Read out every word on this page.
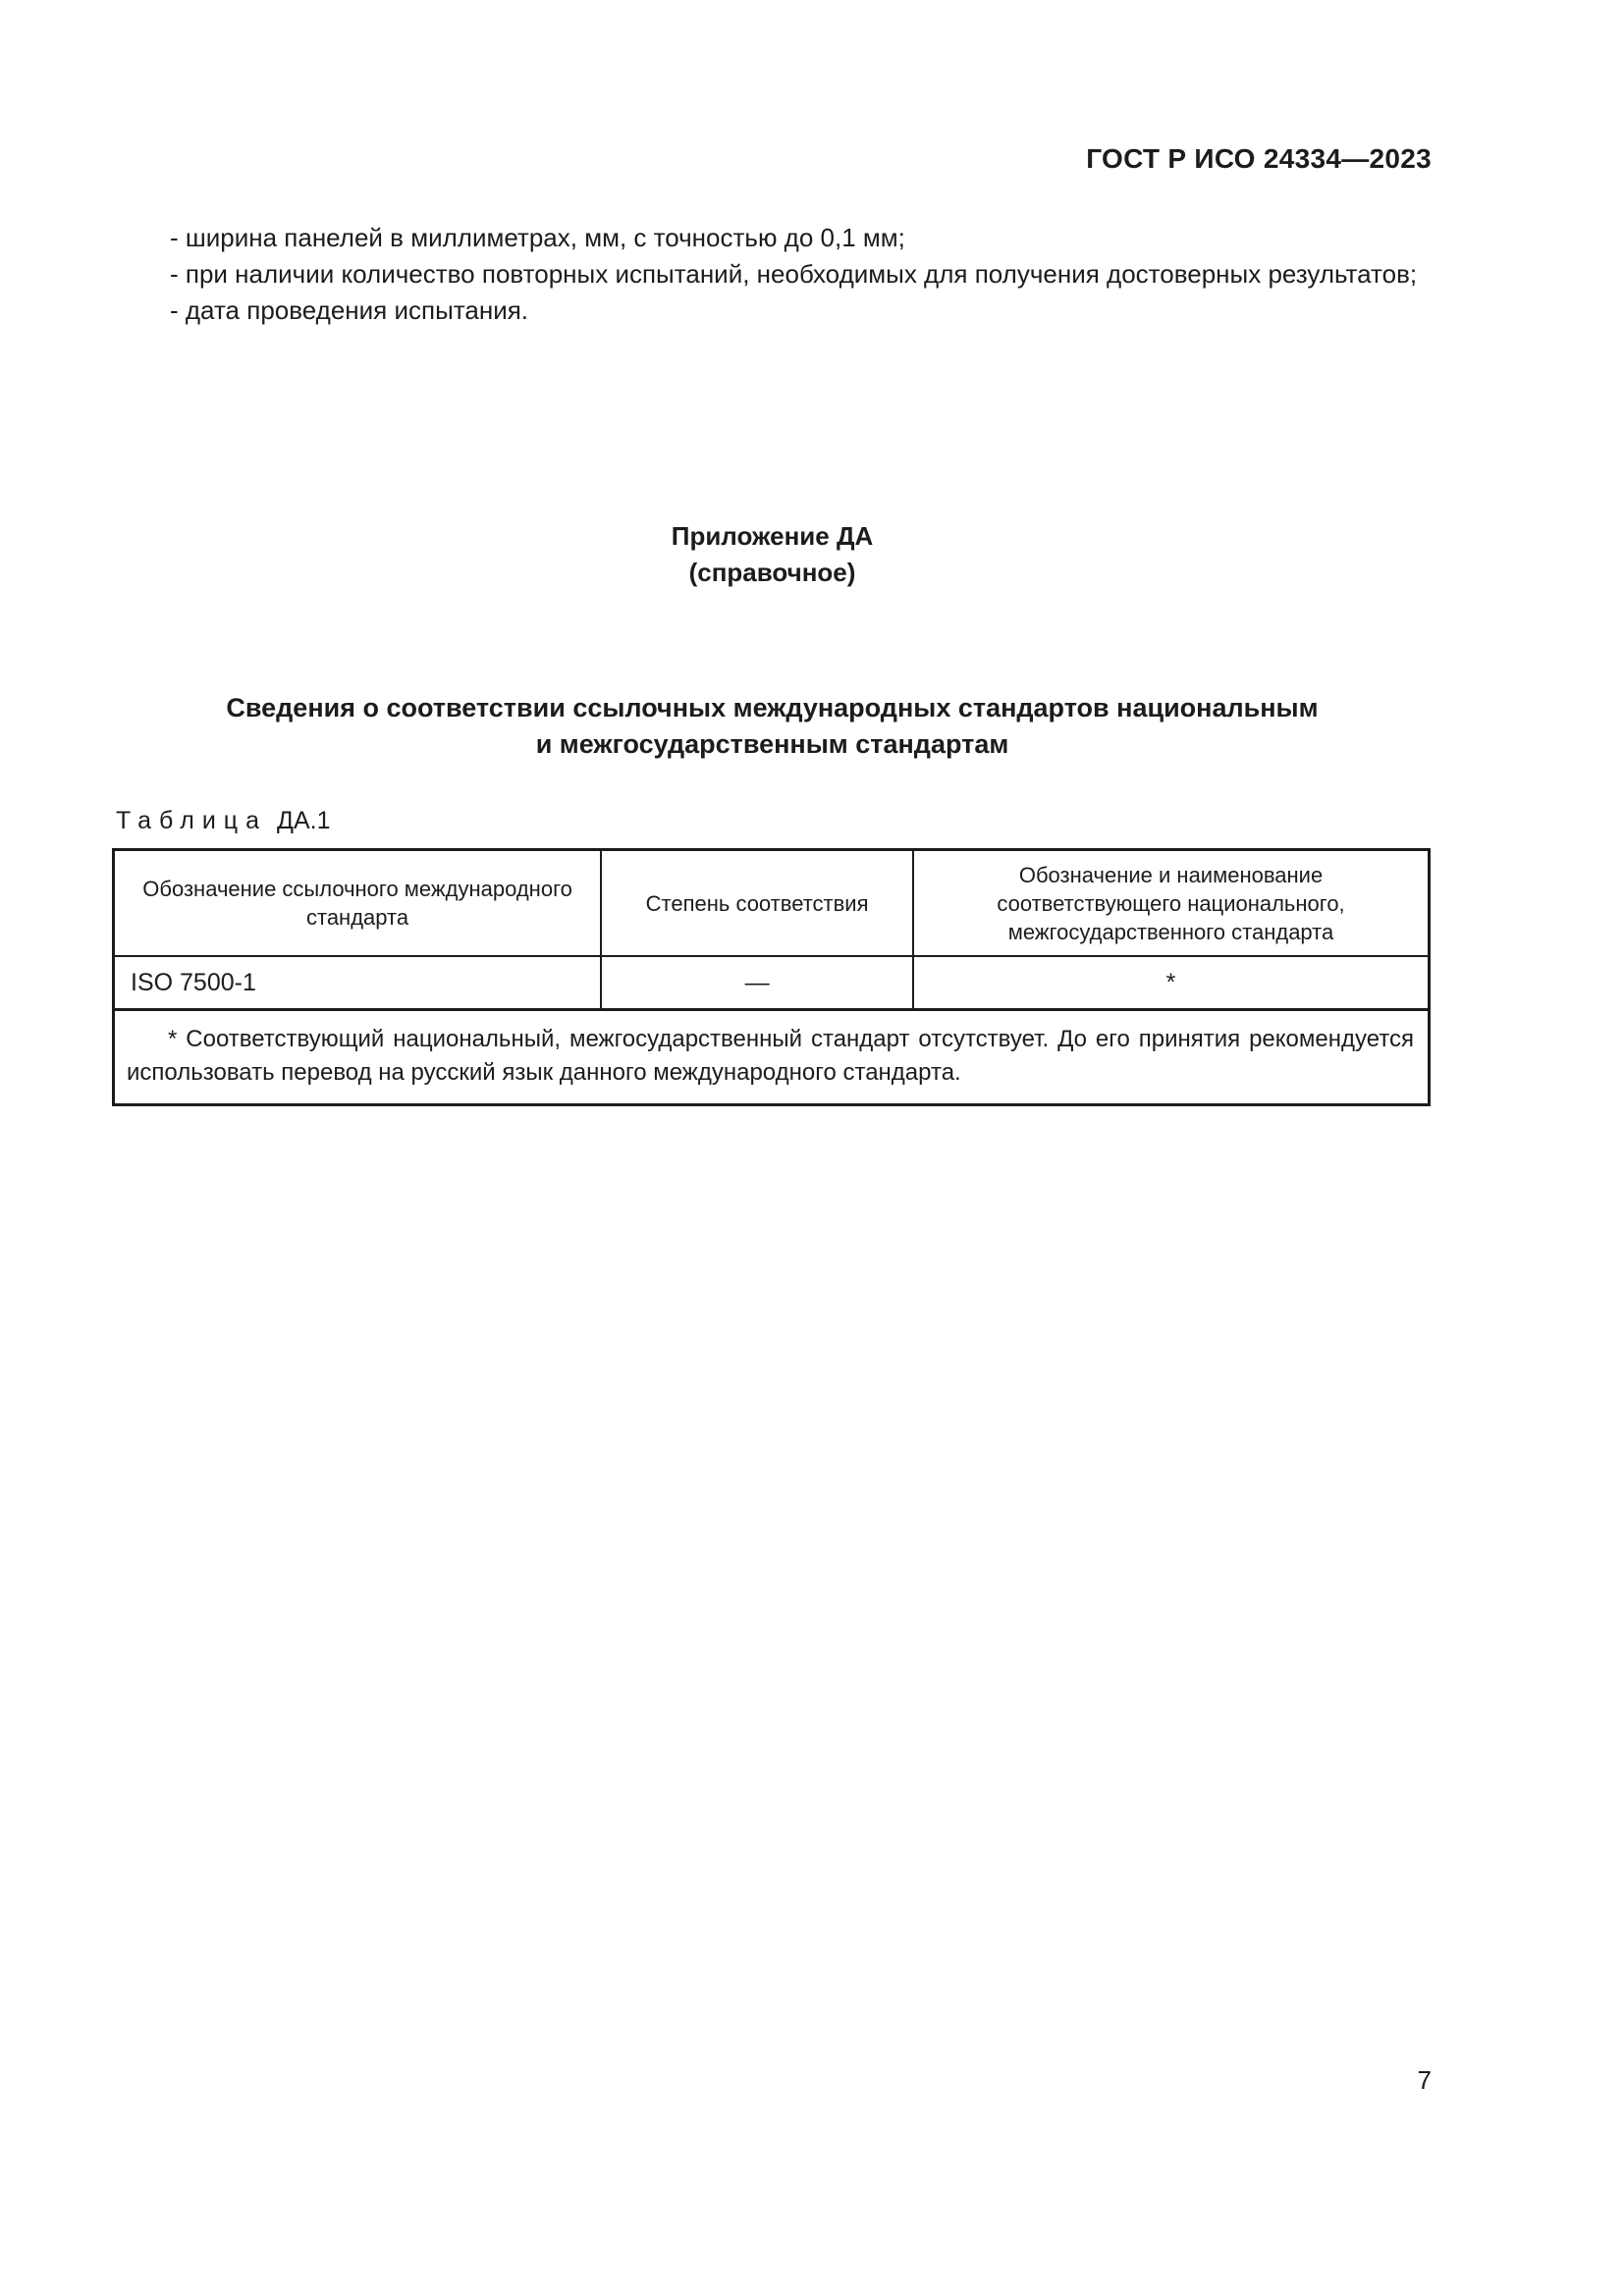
ГОСТ Р ИСО 24334—2023

- ширина панелей в миллиметрах, мм, с точностью до 0,1 мм;

- при наличии количество повторных испытаний, необходимых для получения достоверных результатов;

- дата проведения испытания.

Приложение ДА
(справочное)
Сведения о соответствии ссылочных международных стандартов национальным
и межгосударственным стандартам
Таблица ДА.1
Обозначение ссылочного международного стандарта	Степень соответствия	Обозначение и наименование соответствующего национального, межгосударственного стандарта
ISO 7500-1	—	*
* Соответствующий национальный, межгосударственный стандарт отсутствует. До его принятия рекомендуется использовать перевод на русский язык данного международного стандарта.		
7
